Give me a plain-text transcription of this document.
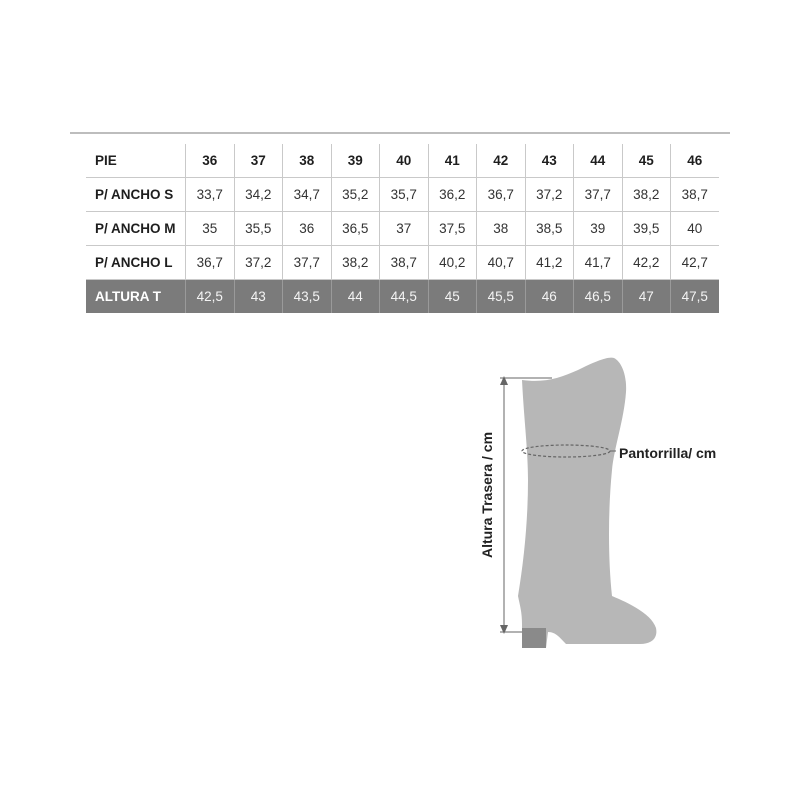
PIE	36	37	38	39	40	41	42	43	44	45	46
P/ ANCHO S	33,7	34,2	34,7	35,2	35,7	36,2	36,7	37,2	37,7	38,2	38,7
P/ ANCHO M	35	35,5	36	36,5	37	37,5	38	38,5	39	39,5	40
P/ ANCHO L	36,7	37,2	37,7	38,2	38,7	40,2	40,7	41,2	41,7	42,2	42,7
ALTURA T	42,5	43	43,5	44	44,5	45	45,5	46	46,5	47	47,5
Pantorrilla/ cm
Altura Trasera / cm
